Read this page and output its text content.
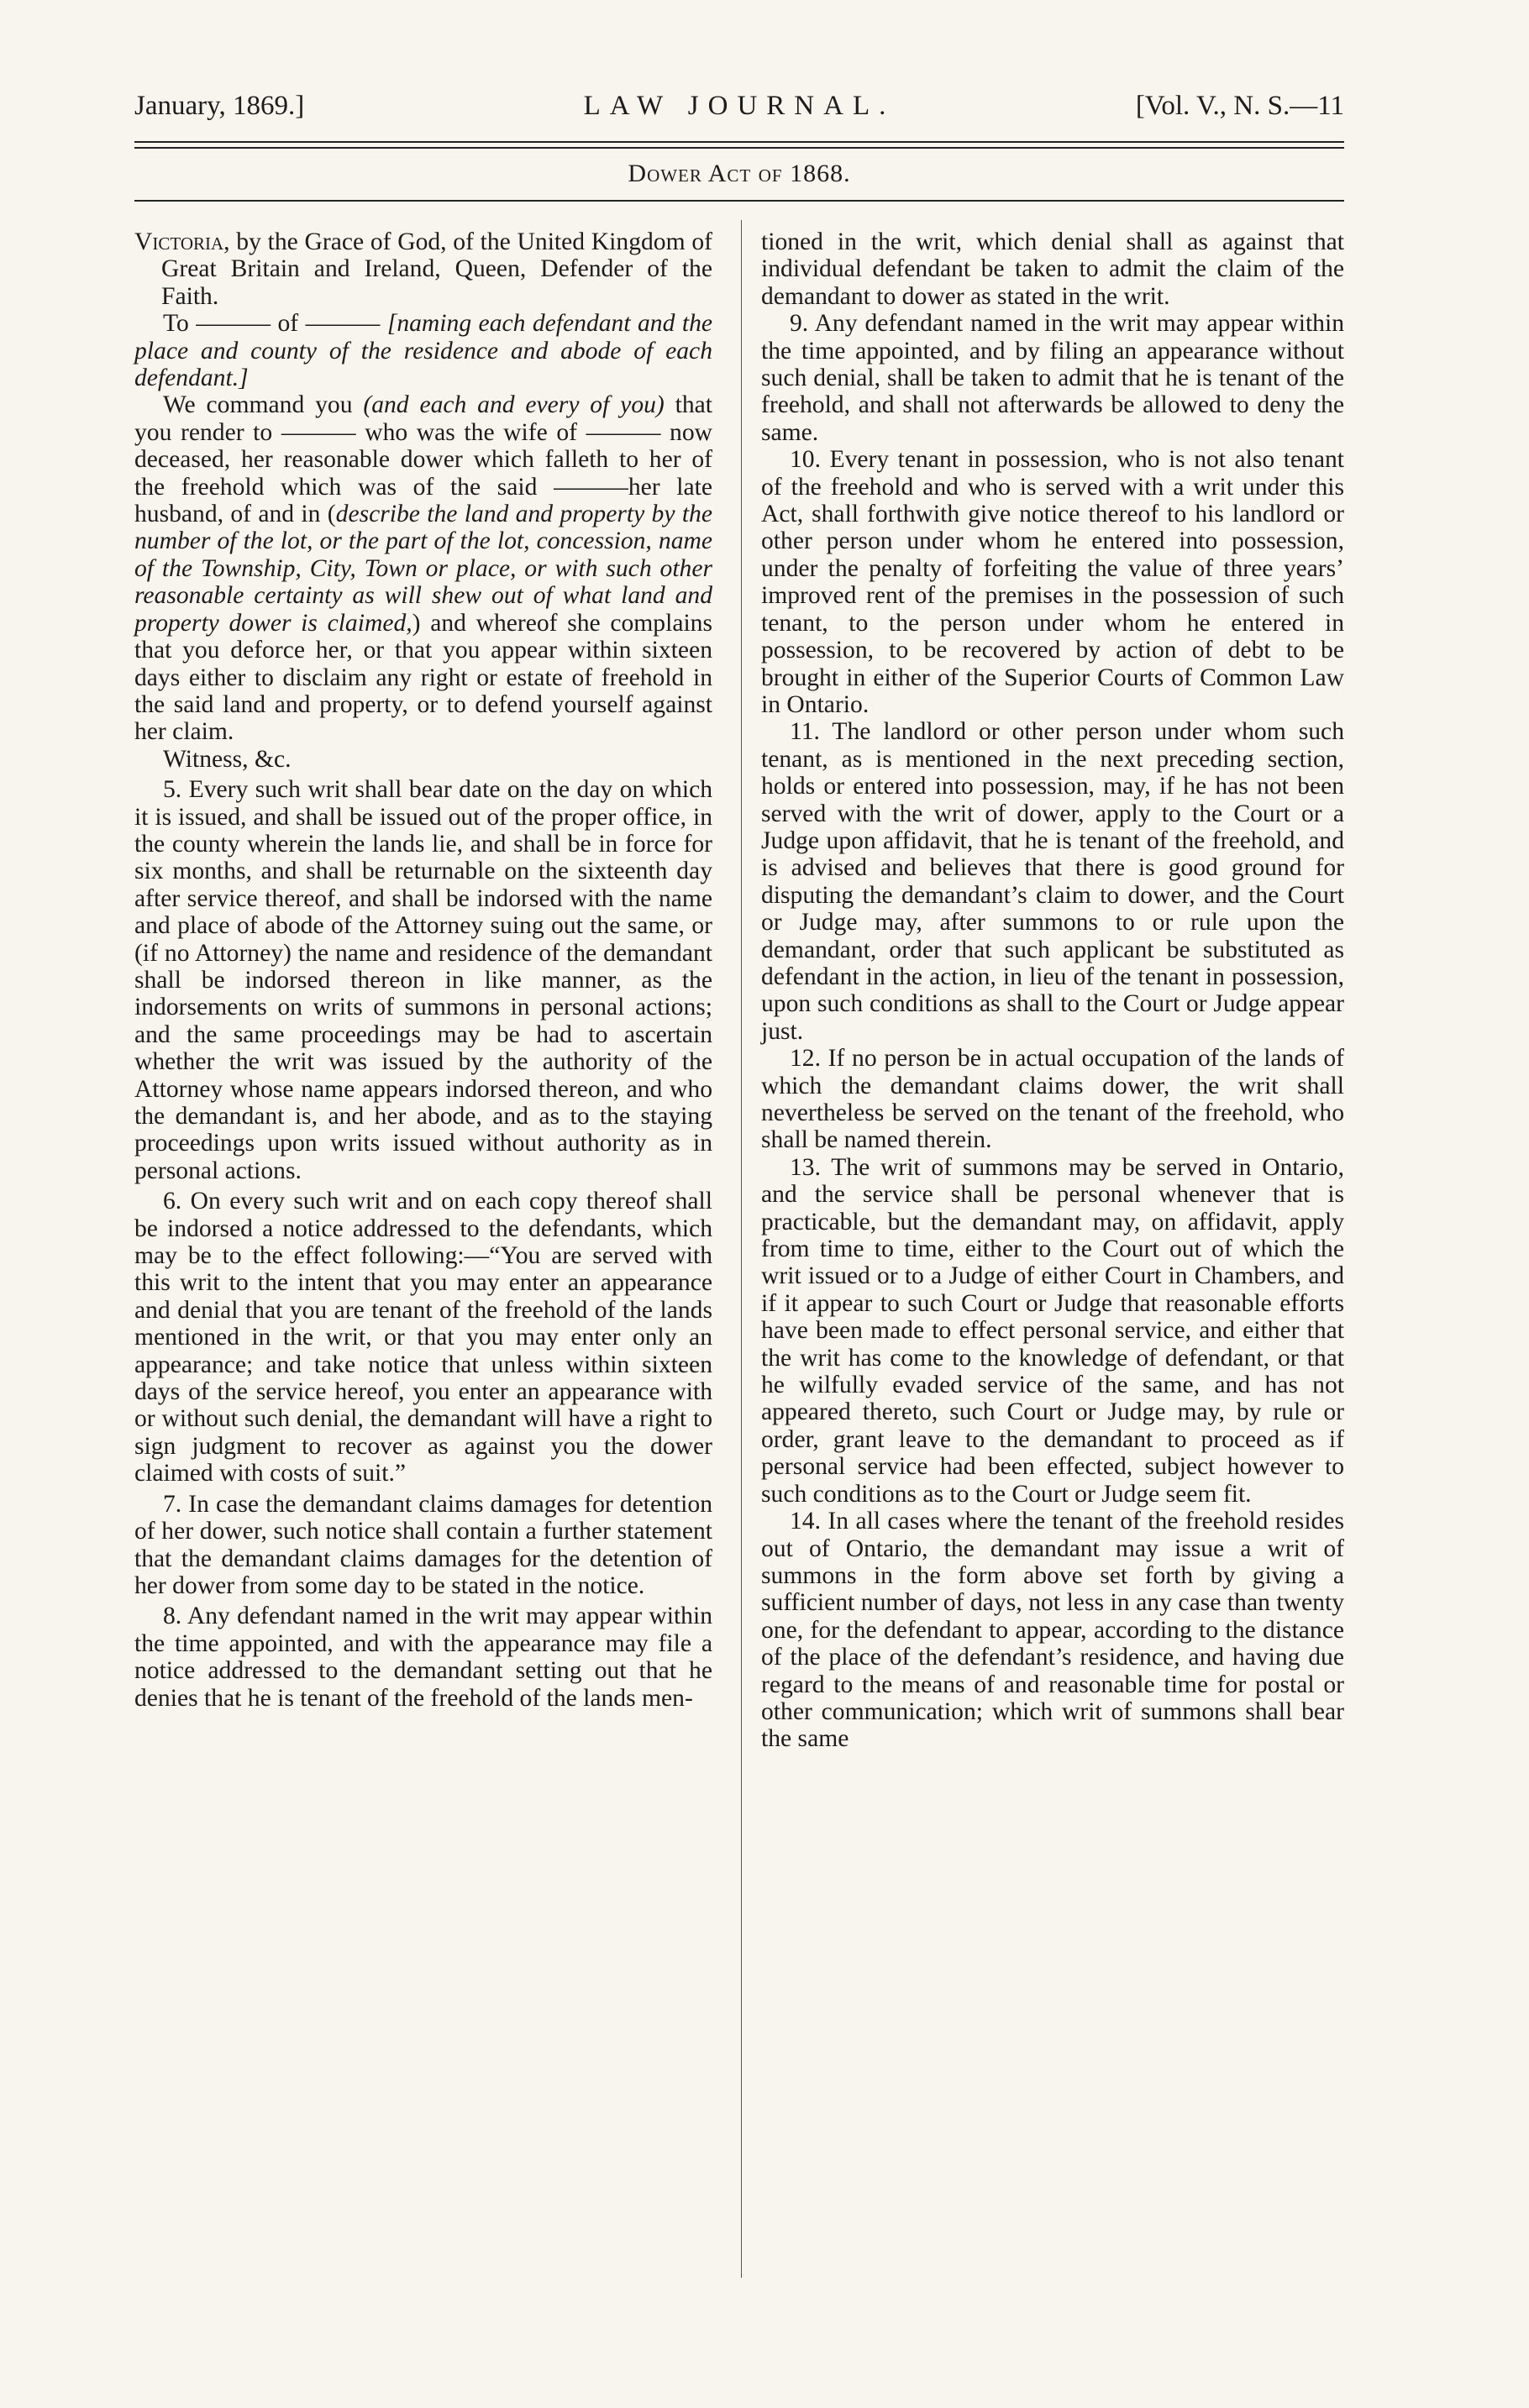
January, 1869.]	LAW JOURNAL.	[Vol. V., N. S.—11
Dower Act of 1868.

Victoria, by the Grace of God, of the United Kingdom of Great Britain and Ireland, Queen, Defender of the Faith.

To ——— of ——— [naming each defendant and the place and county of the residence and abode of each defendant.]

We command you (and each and every of you) that you render to ——— who was the wife of ——— now deceased, her reasonable dower which falleth to her of the freehold which was of the said ———her late husband, of and in (describe the land and property by the number of the lot, or the part of the lot, concession, name of the Township, City, Town or place, or with such other reasonable certainty as will shew out of what land and property dower is claimed,) and whereof she complains that you deforce her, or that you appear within sixteen days either to disclaim any right or estate of freehold in the said land and property, or to defend yourself against her claim.

Witness, &c.

5. Every such writ shall bear date on the day on which it is issued, and shall be issued out of the proper office, in the county wherein the lands lie, and shall be in force for six months, and shall be returnable on the sixteenth day after service thereof, and shall be indorsed with the name and place of abode of the Attorney suing out the same, or (if no Attorney) the name and residence of the demandant shall be indorsed thereon in like manner, as the indorsements on writs of summons in personal actions; and the same proceedings may be had to ascertain whether the writ was issued by the authority of the Attorney whose name appears indorsed thereon, and who the demandant is, and her abode, and as to the staying proceedings upon writs issued without authority as in personal actions.

6. On every such writ and on each copy thereof shall be indorsed a notice addressed to the defendants, which may be to the effect following:—“You are served with this writ to the intent that you may enter an appearance and denial that you are tenant of the freehold of the lands mentioned in the writ, or that you may enter only an appearance; and take notice that unless within sixteen days of the service hereof, you enter an appearance with or without such denial, the demandant will have a right to sign judgment to recover as against you the dower claimed with costs of suit.”

7. In case the demandant claims damages for detention of her dower, such notice shall contain a further statement that the demandant claims damages for the detention of her dower from some day to be stated in the notice.

8. Any defendant named in the writ may appear within the time appointed, and with the appearance may file a notice addressed to the demandant setting out that he denies that he is tenant of the freehold of the lands men-

tioned in the writ, which denial shall as against that individual defendant be taken to admit the claim of the demandant to dower as stated in the writ.

9. Any defendant named in the writ may appear within the time appointed, and by filing an appearance without such denial, shall be taken to admit that he is tenant of the freehold, and shall not afterwards be allowed to deny the same.

10. Every tenant in possession, who is not also tenant of the freehold and who is served with a writ under this Act, shall forthwith give notice thereof to his landlord or other person under whom he entered into possession, under the penalty of forfeiting the value of three years’ improved rent of the premises in the possession of such tenant, to the person under whom he entered in possession, to be recovered by action of debt to be brought in either of the Superior Courts of Common Law in Ontario.

11. The landlord or other person under whom such tenant, as is mentioned in the next preceding section, holds or entered into possession, may, if he has not been served with the writ of dower, apply to the Court or a Judge upon affidavit, that he is tenant of the freehold, and is advised and believes that there is good ground for disputing the demandant’s claim to dower, and the Court or Judge may, after summons to or rule upon the demandant, order that such applicant be substituted as defendant in the action, in lieu of the tenant in possession, upon such conditions as shall to the Court or Judge appear just.

12. If no person be in actual occupation of the lands of which the demandant claims dower, the writ shall nevertheless be served on the tenant of the freehold, who shall be named therein.

13. The writ of summons may be served in Ontario, and the service shall be personal whenever that is practicable, but the demandant may, on affidavit, apply from time to time, either to the Court out of which the writ issued or to a Judge of either Court in Chambers, and if it appear to such Court or Judge that reasonable efforts have been made to effect personal service, and either that the writ has come to the knowledge of defendant, or that he wilfully evaded service of the same, and has not appeared thereto, such Court or Judge may, by rule or order, grant leave to the demandant to proceed as if personal service had been effected, subject however to such conditions as to the Court or Judge seem fit.

14. In all cases where the tenant of the freehold resides out of Ontario, the demandant may issue a writ of summons in the form above set forth by giving a sufficient number of days, not less in any case than twenty one, for the defendant to appear, according to the distance of the place of the defendant’s residence, and having due regard to the means of and reasonable time for postal or other communication; which writ of summons shall bear the same
